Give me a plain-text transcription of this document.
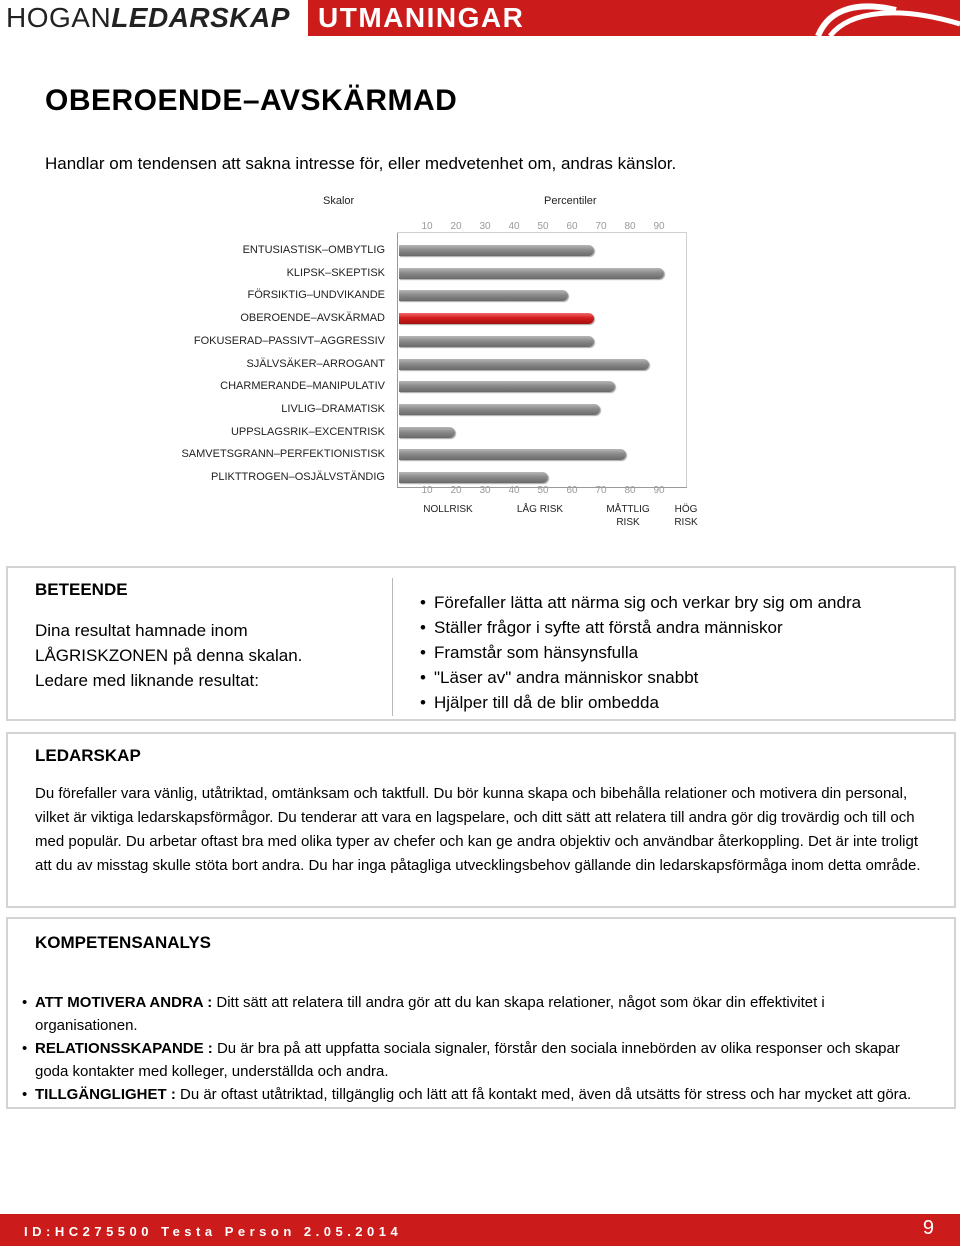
HOGANLEDARSKAP UTMANINGAR
OBEROENDE–AVSKÄRMAD
Handlar om tendensen att sakna intresse för, eller medvetenhet om, andras känslor.
Skalor	Percentiler
ENTUSIASTISK–OMBYTLIG
KLIPSK–SKEPTISK
FÖRSIKTIG–UNDVIKANDE
OBEROENDE–AVSKÄRMAD
FOKUSERAD–PASSIVT–AGGRESSIV
SJÄLVSÄKER–ARROGANT
CHARMERANDE–MANIPULATIV
LIVLIG–DRAMATISK
UPPSLAGSRIK–EXCENTRISK
SAMVETSGRANN–PERFEKTIONISTISK
PLIKTTROGEN–OSJÄLVSTÄNDIG
10	20	30	40	50	60	70	80	90
10	20	30	40	50	60	70	80	90
NOLLRISK	LÅG RISK	MÅTTLIG RISK
HÖG RISK
BETEENDE
Dina resultat hamnade inom LÅGRISKZONEN på denna skalan.
Ledare med liknande resultat:
• Förefaller lätta att närma sig och verkar bry sig om andra
• Ställer frågor i syfte att förstå andra människor
• Framstår som hänsynsfulla
• "Läser av" andra människor snabbt
• Hjälper till då de blir ombedda
LEDARSKAP
Du förefaller vara vänlig, utåtriktad, omtänksam och taktfull. Du bör kunna skapa och bibehålla relationer och motivera din personal, vilket är viktiga ledarskapsförmågor. Du tenderar att vara en lagspelare, och ditt sätt att relatera till andra gör dig trovärdig och till och med populär. Du arbetar oftast bra med olika typer av chefer och kan ge andra objektiv och användbar återkoppling. Det är inte troligt att du av misstag skulle stöta bort andra. Du har inga påtagliga utvecklingsbehov gällande din ledarskapsförmåga inom detta område.
KOMPETENSANALYS
• ATT MOTIVERA ANDRA : Ditt sätt att relatera till andra gör att du kan skapa relationer, något som ökar din effektivitet i organisationen.
• RELATIONSSKAPANDE : Du är bra på att uppfatta sociala signaler, förstår den sociala innebörden av olika responser och skapar goda kontakter med kolleger, underställda och andra.
• TILLGÄNGLIGHET : Du är oftast utåtriktad, tillgänglig och lätt att få kontakt med, även då utsätts för stress och har mycket att göra.
ID:HC275500 Testa Person 2.05.2014	9
